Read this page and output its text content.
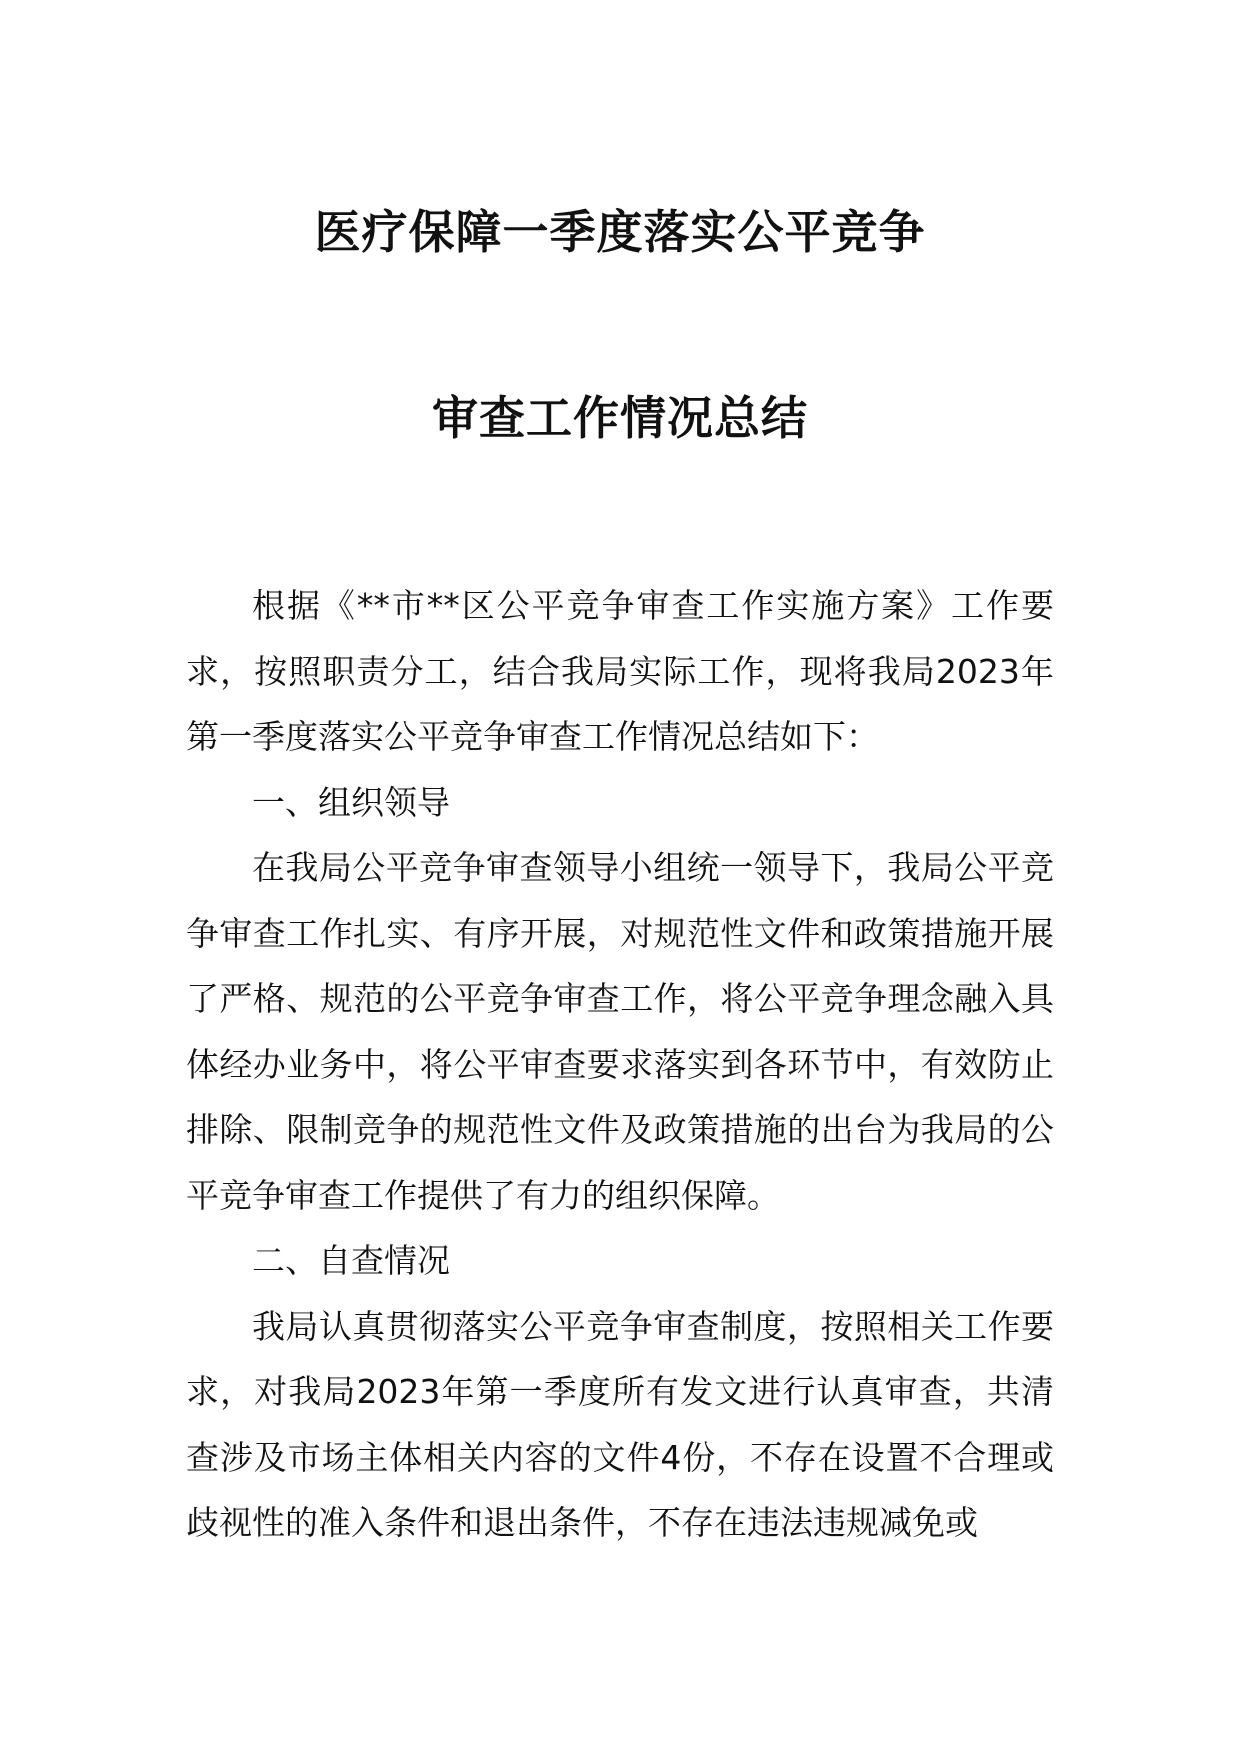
医疗保障一季度落实公平竞争
审查工作情况总结

根据《**市**区公平竞争审查工作实施方案》工作要求，按照职责分工，结合我局实际工作，现将我局2023年第一季度落实公平竞争审查工作情况总结如下：

一、组织领导

在我局公平竞争审查领导小组统一领导下，我局公平竞争审查工作扎实、有序开展，对规范性文件和政策措施开展了严格、规范的公平竞争审查工作，将公平竞争理念融入具体经办业务中，将公平审查要求落实到各环节中，有效防止排除、限制竞争的规范性文件及政策措施的出台为我局的公平竞争审查工作提供了有力的组织保障。

二、自查情况

我局认真贯彻落实公平竞争审查制度，按照相关工作要求，对我局2023年第一季度所有发文进行认真审查，共清查涉及市场主体相关内容的文件4份，不存在设置不合理或歧视性的准入条件和退出条件，不存在违法违规减免或
